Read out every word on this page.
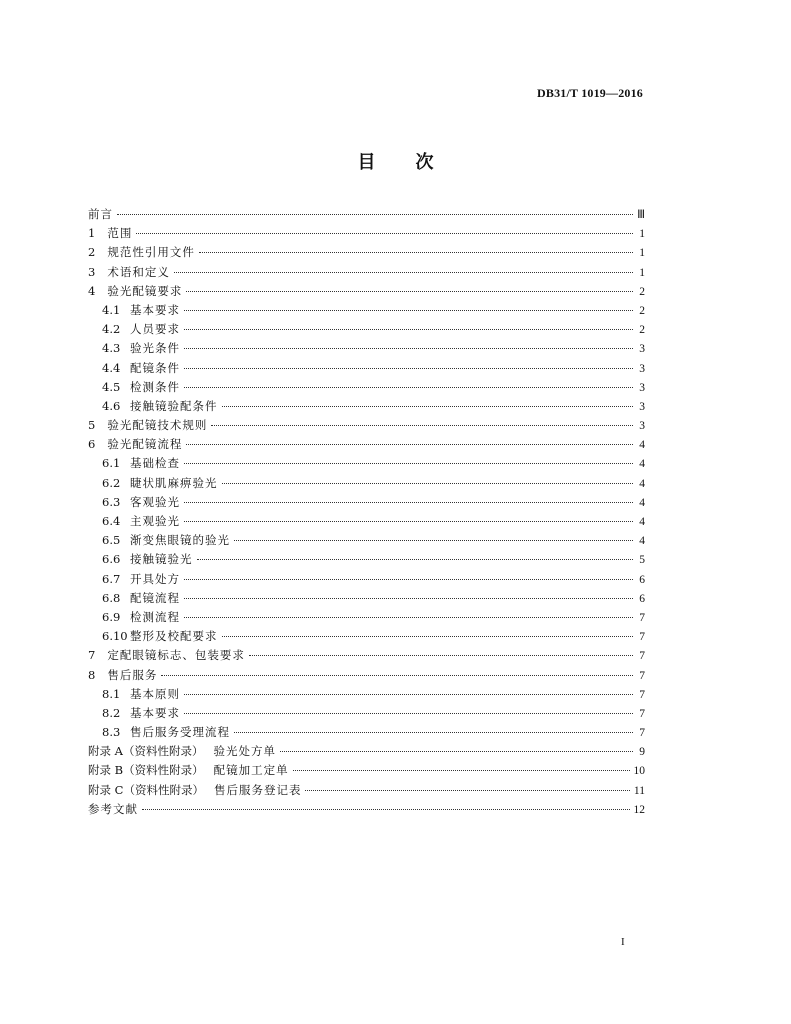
DB31/T 1019—2016
目 次
前言	Ⅲ
1 范围	1
2 规范性引用文件	1
3 术语和定义	1
4 验光配镜要求	2
4.1 基本要求	2
4.2 人员要求	2
4.3 验光条件	3
4.4 配镜条件	3
4.5 检测条件	3
4.6 接触镜验配条件	3
5 验光配镜技术规则	3
6 验光配镜流程	4
6.1 基础检查	4
6.2 睫状肌麻痹验光	4
6.3 客观验光	4
6.4 主观验光	4
6.5 渐变焦眼镜的验光	4
6.6 接触镜验光	5
6.7 开具处方	6
6.8 配镜流程	6
6.9 检测流程	7
6.10 整形及校配要求	7
7 定配眼镜标志、包装要求	7
8 售后服务	7
8.1 基本原则	7
8.2 基本要求	7
8.3 售后服务受理流程	7
附录 A（资料性附录） 验光处方单	9
附录 B（资料性附录） 配镜加工定单	10
附录 C（资料性附录） 售后服务登记表	11
参考文献	12
I
